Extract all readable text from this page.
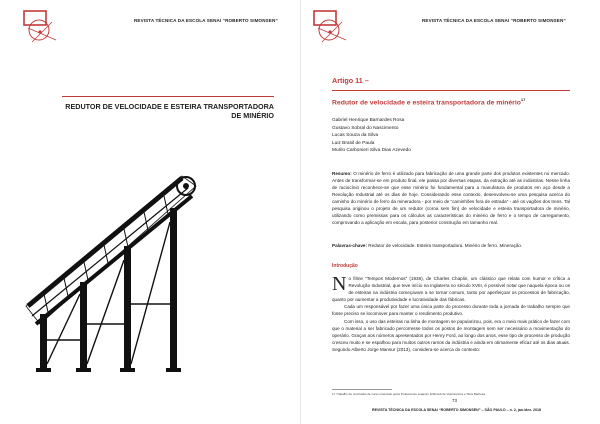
REVISTA TÉCNICA DA ESCOLA SENAI “ROBERTO SIMONSEN”
REDUTOR DE VELOCIDADE E ESTEIRA TRANSPORTADORA
DE MINÉRIO
REVISTA TÉCNICA DA ESCOLA SENAI “ROBERTO SIMONSEN”
Artigo 11 –
Redutor de velocidade e esteira transportadora de minério$^{17}$
Gabriel Henrique Barnardes Rosa
Gustavo Sobral do Nascimento
Lucas Souza da Silva
Luiz Brasil de Paula
Murilo Carbonieri Silva Dias Azevedo
Resumo: O minério de ferro é utilizado para fabricação de uma grande parte dos produtos existentes no mercado. Antes de transformar-se em produto final, ele passa por diversas etapas, da extração até as indústrias. Nesse linha de raciocínio reconhece-se que esse minério foi fundamental para a manufatura de produtos em aço desde a Revolução Industrial até os dias de hoje. Considerando esse contexto, desenvolveu-se uma pesquisa acerca do caminho do minério de ferro da mineradora - por meio de “caminhões fora de estrada” - até os vagões dos trens. Tal pesquisa originou o projeto de um redutor (coroa sem fim) de velocidade e esteira transportadora de minério, utilizando como premissas para os cálculos as características do minério de ferro e o tempo de carregamento, comprovando a aplicação em escala, para posterior construção em tamanho real.
Palavras-chave: Redutor de velocidade. Esteira transportadora. Minério de ferro. Mineração.
Introdução
N o filme “Tempos Modernos” (1936), de Charles Chaplin, um clássico que relata com humor e crítica a Revolução Industrial, que teve início na Inglaterra no século XVIII, é possível notar que naquela época ou os de esteiras na indústria começavam a se tornar comum, tanto por aperfeiçoar os processos de fabricação, quanto por aumentar a produtividade e lucratividade das fábricas.

Cada um responsável por fazer uma única parte do processo durante toda a jornada de trabalho sempre que fosse preciso se locomover para manter o rendimento produtivo.

Com isso, o uso das esteiras na linha de montagem se popularizou, pois, era o meio mais prático de fazer com que o material a ser fabricado percorresse todos os postos de montagem sem ser necessário a movimentação do operário. Graças aos números apresentados por Henry Ford, ao longo dos anos, esse tipo de processo de produção cresceu muito e se espalhou para muitos outros ramos da indústria e ainda em otimamente eficaz até os dias atuais. Segundo Alberto Jorge Mansur (2013), considera-se acerca do contexto:

17 Trabalho de conclusão de curso orientado pelos Professores Joaquim Erbhardt de Vasconcelos e Silva Barbosa.
73
REVISTA TÉCNICA DA ESCOLA SENAI “ROBERTO SIMONSEN” – SÃO PAULO – n. 2, jan./dez. 2018
